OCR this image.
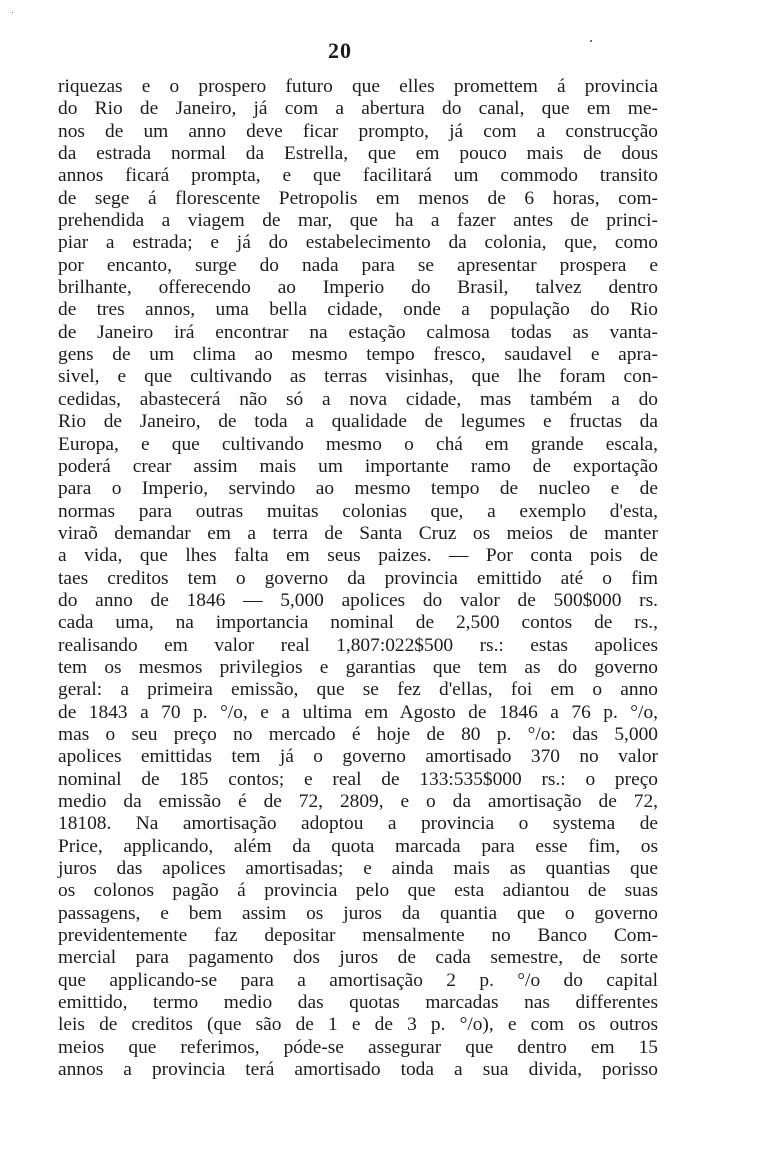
20
riquezas e o prospero futuro que elles promettem á provincia
do Rio de Janeiro, já com a abertura do canal, que em me-
nos de um anno deve ficar prompto, já com a construcção
da estrada normal da Estrella, que em pouco mais de dous
annos ficará prompta, e que facilitará um commodo transito
de sege á florescente Petropolis em menos de 6 horas, com-
prehendida a viagem de mar, que ha a fazer antes de princi-
piar a estrada; e já do estabelecimento da colonia, que, como
por encanto, surge do nada para se apresentar prospera e
brilhante, offerecendo ao Imperio do Brasil, talvez dentro
de tres annos, uma bella cidade, onde a população do Rio
de Janeiro irá encontrar na estação calmosa todas as vanta-
gens de um clima ao mesmo tempo fresco, saudavel e apra-
sivel, e que cultivando as terras visinhas, que lhe foram con-
cedidas, abastecerá não só a nova cidade, mas também a do
Rio de Janeiro, de toda a qualidade de legumes e fructas da
Europa, e que cultivando mesmo o chá em grande escala,
poderá crear assim mais um importante ramo de exportação
para o Imperio, servindo ao mesmo tempo de nucleo e de
normas para outras muitas colonias que, a exemplo d'esta,
viraõ demandar em a terra de Santa Cruz os meios de manter
a vida, que lhes falta em seus paizes. — Por conta pois de
taes creditos tem o governo da provincia emittido até o fim
do anno de 1846 — 5,000 apolices do valor de 500$000 rs.
cada uma, na importancia nominal de 2,500 contos de rs.,
realisando em valor real 1,807:022$500 rs.: estas apolices
tem os mesmos privilegios e garantias que tem as do governo
geral: a primeira emissão, que se fez d'ellas, foi em o anno
de 1843 a 70 p. °/o, e a ultima em Agosto de 1846 a 76 p. °/o,
mas o seu preço no mercado é hoje de 80 p. °/o: das 5,000
apolices emittidas tem já o governo amortisado 370 no valor
nominal de 185 contos; e real de 133:535$000 rs.: o preço
medio da emissão é de 72, 2809, e o da amortisação de 72,
18108. Na amortisação adoptou a provincia o systema de
Price, applicando, além da quota marcada para esse fim, os
juros das apolices amortisadas; e ainda mais as quantias que
os colonos pagão á provincia pelo que esta adiantou de suas
passagens, e bem assim os juros da quantia que o governo
previdentemente faz depositar mensalmente no Banco Com-
mercial para pagamento dos juros de cada semestre, de sorte
que applicando-se para a amortisação 2 p. °/o do capital
emittido, termo medio das quotas marcadas nas differentes
leis de creditos (que são de 1 e de 3 p. °/o), e com os outros
meios que referimos, póde-se assegurar que dentro em 15
annos a provincia terá amortisado toda a sua divida, porisso
